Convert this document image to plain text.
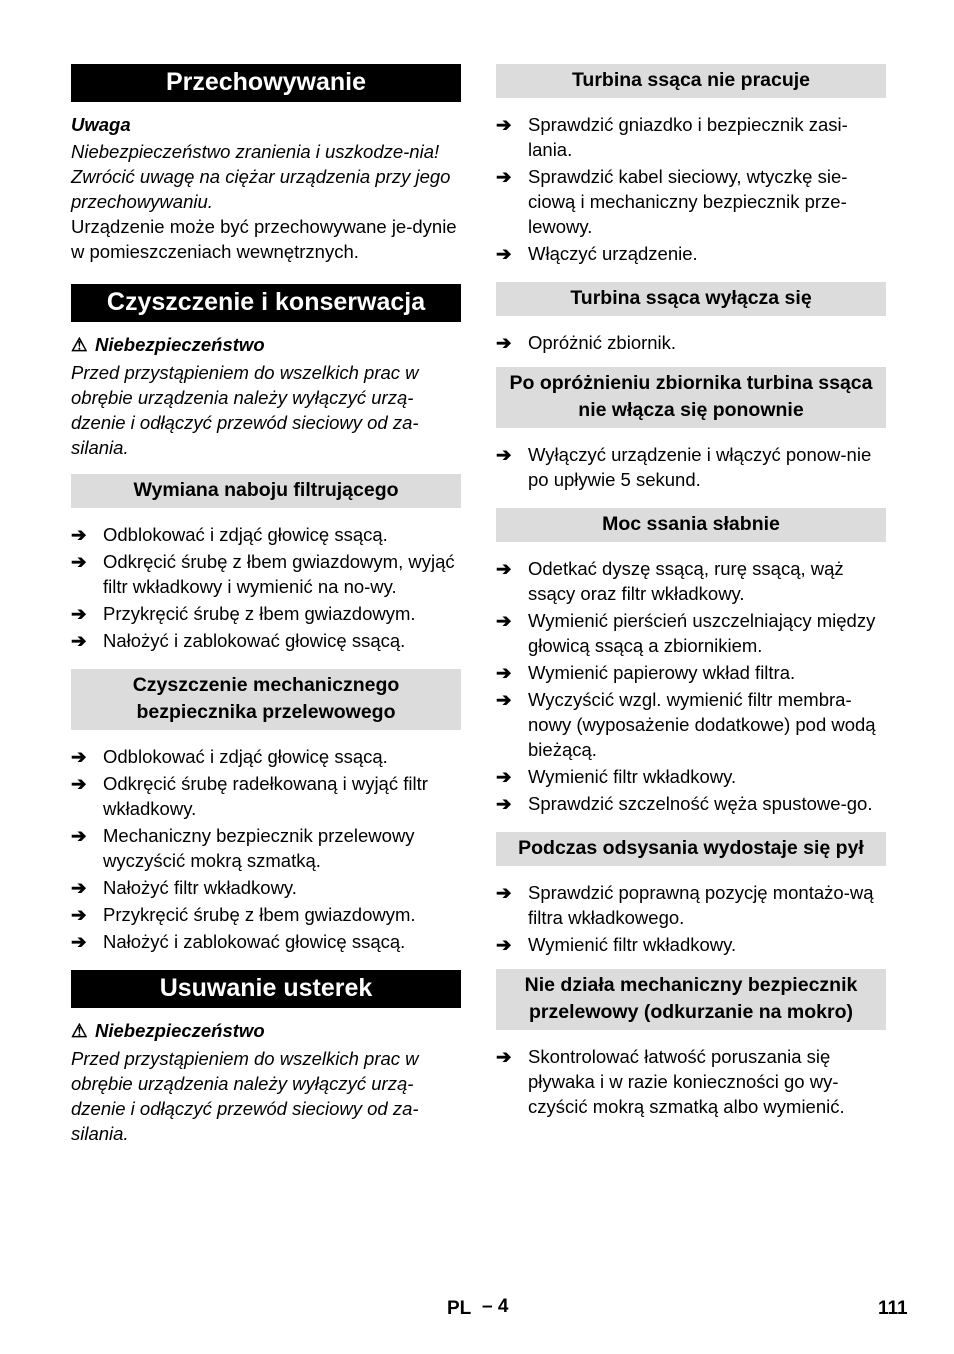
Przechowywanie
Uwaga
Niebezpieczeństwo zranienia i uszkodze-nia! Zwrócić uwagę na ciężar urządzenia przy jego przechowywaniu.
Urządzenie może być przechowywane je-dynie w pomieszczeniach wewnętrznych.
Czyszczenie i konserwacja
⚠ Niebezpieczeństwo
Przed przystąpieniem do wszelkich prac w obrębie urządzenia należy wyłączyć urzą-dzenie i odłączyć przewód sieciowy od za-silania.
Wymiana naboju filtrującego
➔ Odblokować i zdjąć głowicę ssącą.
➔ Odkręcić śrubę z łbem gwiazdowym, wyjąć filtr wkładkowy i wymienić na no-wy.
➔ Przykręcić śrubę z łbem gwiazdowym.
➔ Nałożyć i zablokować głowicę ssącą.
Czyszczenie mechanicznego bezpiecznika przelewowego
➔ Odblokować i zdjąć głowicę ssącą.
➔ Odkręcić śrubę radełkowaną i wyjąć filtr wkładkowy.
➔ Mechaniczny bezpiecznik przelewowy wyczyścić mokrą szmatką.
➔ Nałożyć filtr wkładkowy.
➔ Przykręcić śrubę z łbem gwiazdowym.
➔ Nałożyć i zablokować głowicę ssącą.
Usuwanie usterek
⚠ Niebezpieczeństwo
Przed przystąpieniem do wszelkich prac w obrębie urządzenia należy wyłączyć urzą-dzenie i odłączyć przewód sieciowy od za-silania.
Turbina ssąca nie pracuje
➔ Sprawdzić gniazdko i bezpiecznik zasi-lania.
➔ Sprawdzić kabel sieciowy, wtyczkę sie-ciową i mechaniczny bezpiecznik prze-lewowy.
➔ Włączyć urządzenie.
Turbina ssąca wyłącza się
➔ Opróżnić zbiornik.
Po opróżnieniu zbiornika turbina ssąca nie włącza się ponownie
➔ Wyłączyć urządzenie i włączyć ponow-nie po upływie 5 sekund.
Moc ssania słabnie
➔ Odetkać dyszę ssącą, rurę ssącą, wąż ssący oraz filtr wkładkowy.
➔ Wymienić pierścień uszczelniający między głowicą ssącą a zbiornikiem.
➔ Wymienić papierowy wkład filtra.
➔ Wyczyścić wzgl. wymienić filtr membra-nowy (wyposażenie dodatkowe) pod wodą bieżącą.
➔ Wymienić filtr wkładkowy.
➔ Sprawdzić szczelność węża spustowe-go.
Podczas odsysania wydostaje się pył
➔ Sprawdzić poprawną pozycję montażo-wą filtra wkładkowego.
➔ Wymienić filtr wkładkowy.
Nie działa mechaniczny bezpiecznik przelewowy (odkurzanie na mokro)
➔ Skontrolować łatwość poruszania się pływaka i w razie konieczności go wy-czyścić mokrą szmatką albo wymienić.
PL – 4	111
